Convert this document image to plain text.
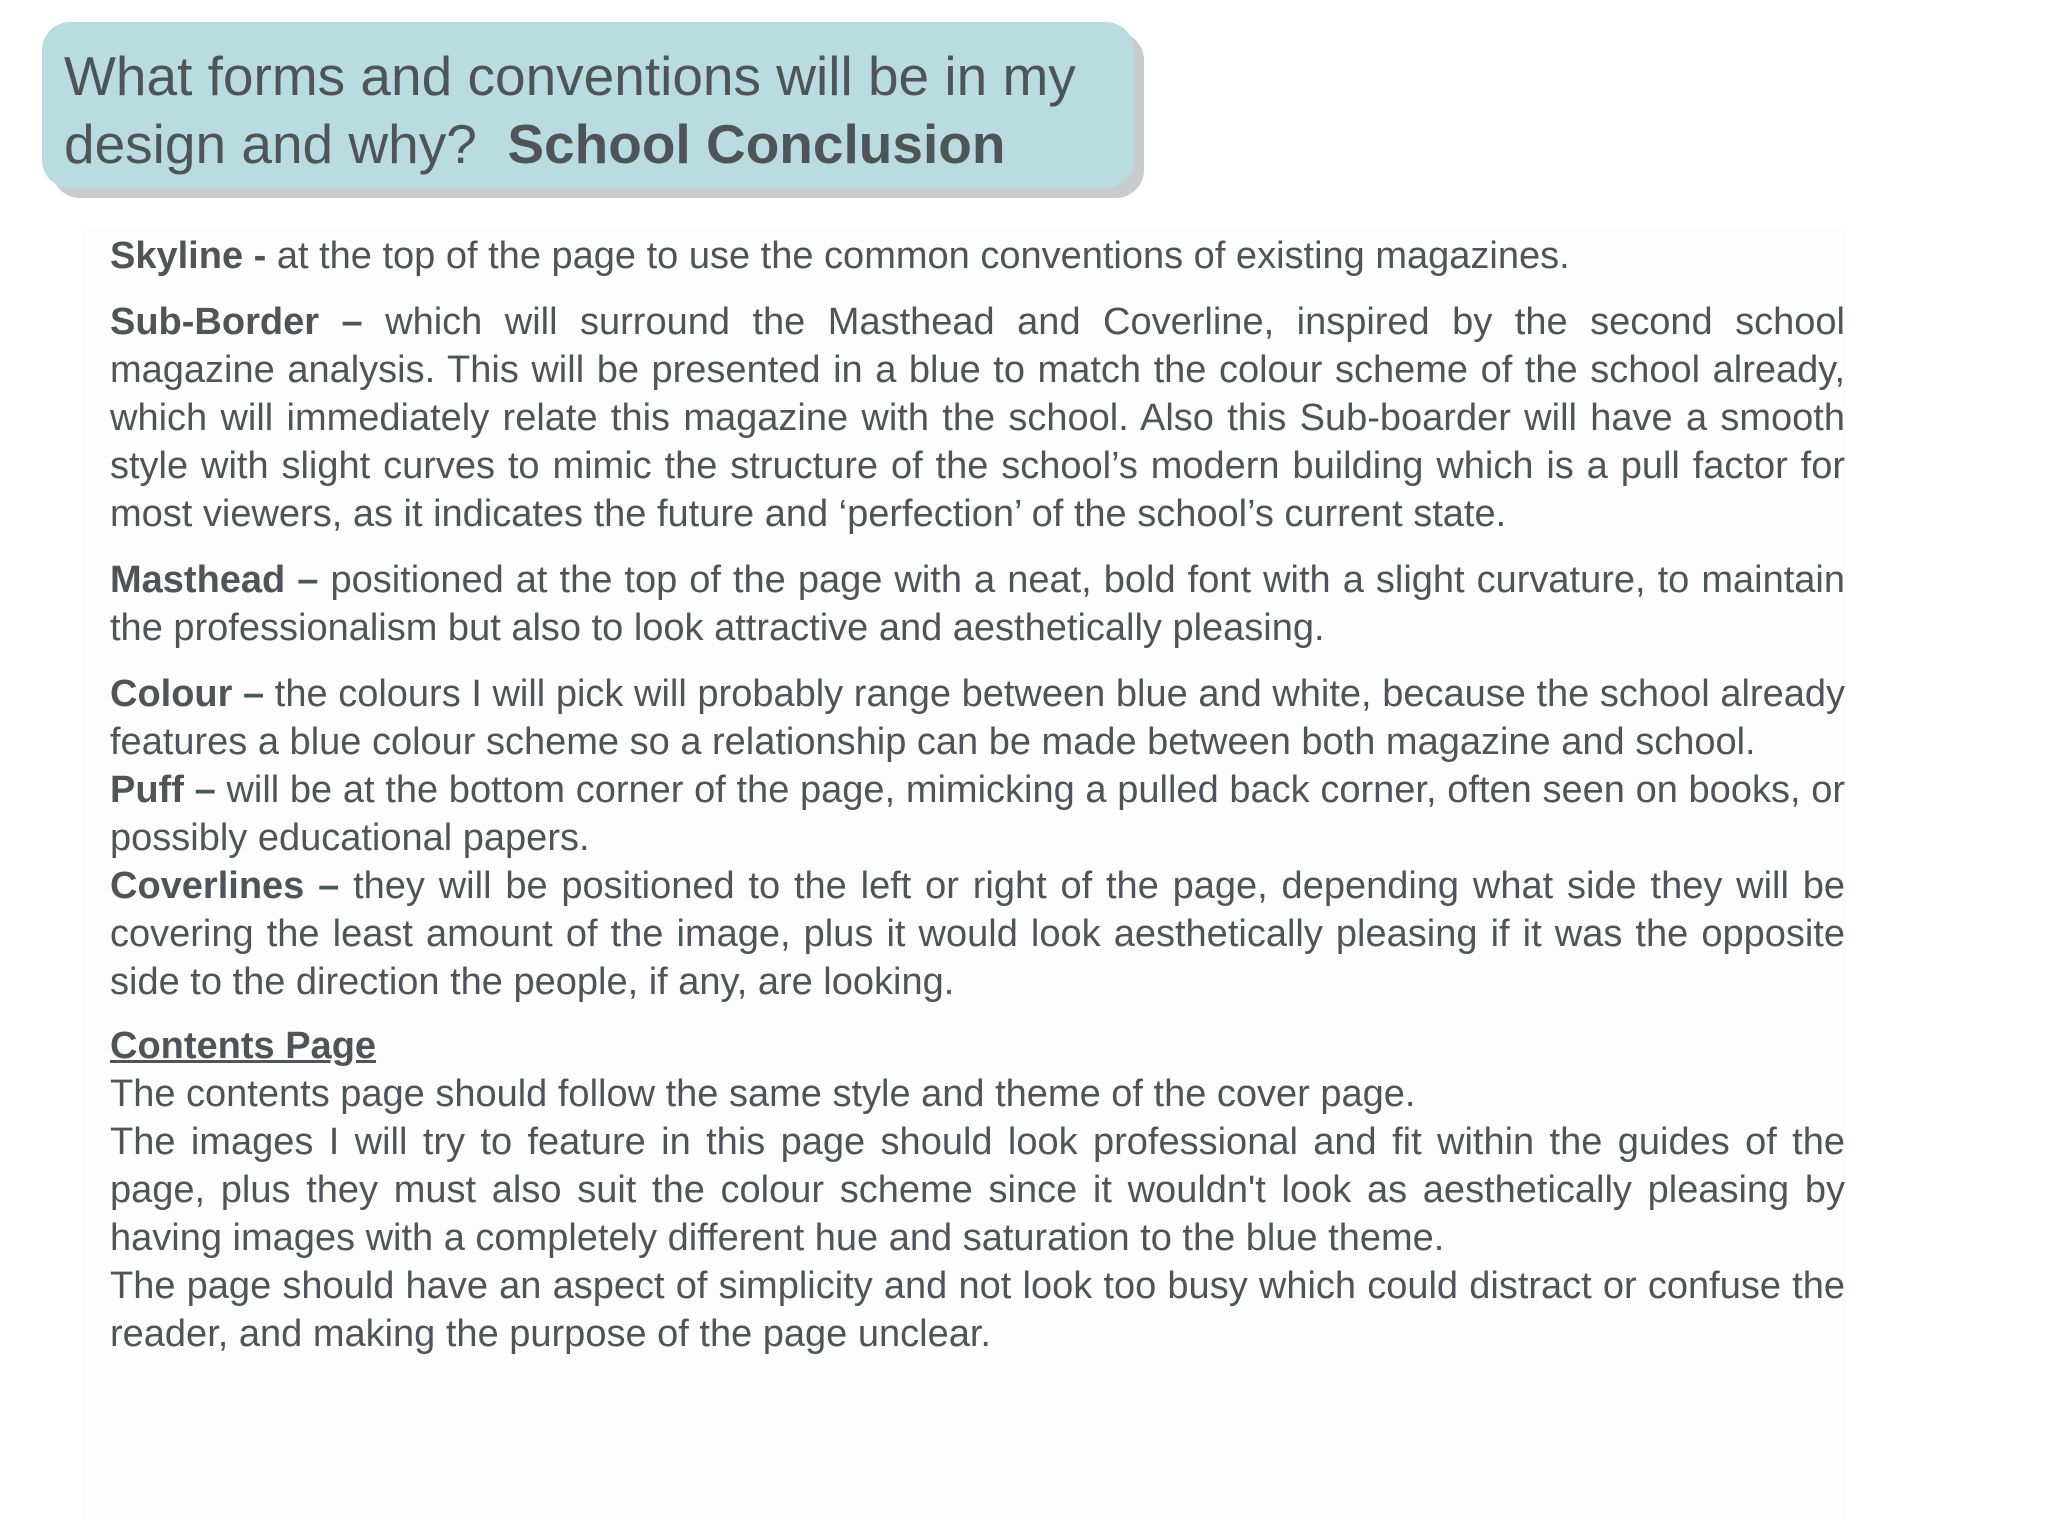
What forms and conventions will be in my
design and why? School Conclusion

Skyline - at the top of the page to use the common conventions of existing magazines.

Sub-Border – which will surround the Masthead and Coverline, inspired by the second school magazine analysis. This will be presented in a blue to match the colour scheme of the school already, which will immediately relate this magazine with the school. Also this Sub-boarder will have a smooth style with slight curves to mimic the structure of the school’s modern building which is a pull factor for most viewers, as it indicates the future and ‘perfection’ of the school’s current state.

Masthead – positioned at the top of the page with a neat, bold font with a slight curvature, to maintain the professionalism but also to look attractive and aesthetically pleasing.

Colour – the colours I will pick will probably range between blue and white, because the school already features a blue colour scheme so a relationship can be made between both magazine and school.

Puff – will be at the bottom corner of the page, mimicking a pulled back corner, often seen on books, or possibly educational papers.

Coverlines – they will be positioned to the left or right of the page, depending what side they will be covering the least amount of the image, plus it would look aesthetically pleasing if it was the opposite side to the direction the people, if any, are looking.

Contents Page

The contents page should follow the same style and theme of the cover page.

The images I will try to feature in this page should look professional and fit within the guides of the page, plus they must also suit the colour scheme since it wouldn't look as aesthetically pleasing by having images with a completely different hue and saturation to the blue theme.

The page should have an aspect of simplicity and not look too busy which could distract or confuse the reader, and making the purpose of the page unclear.
